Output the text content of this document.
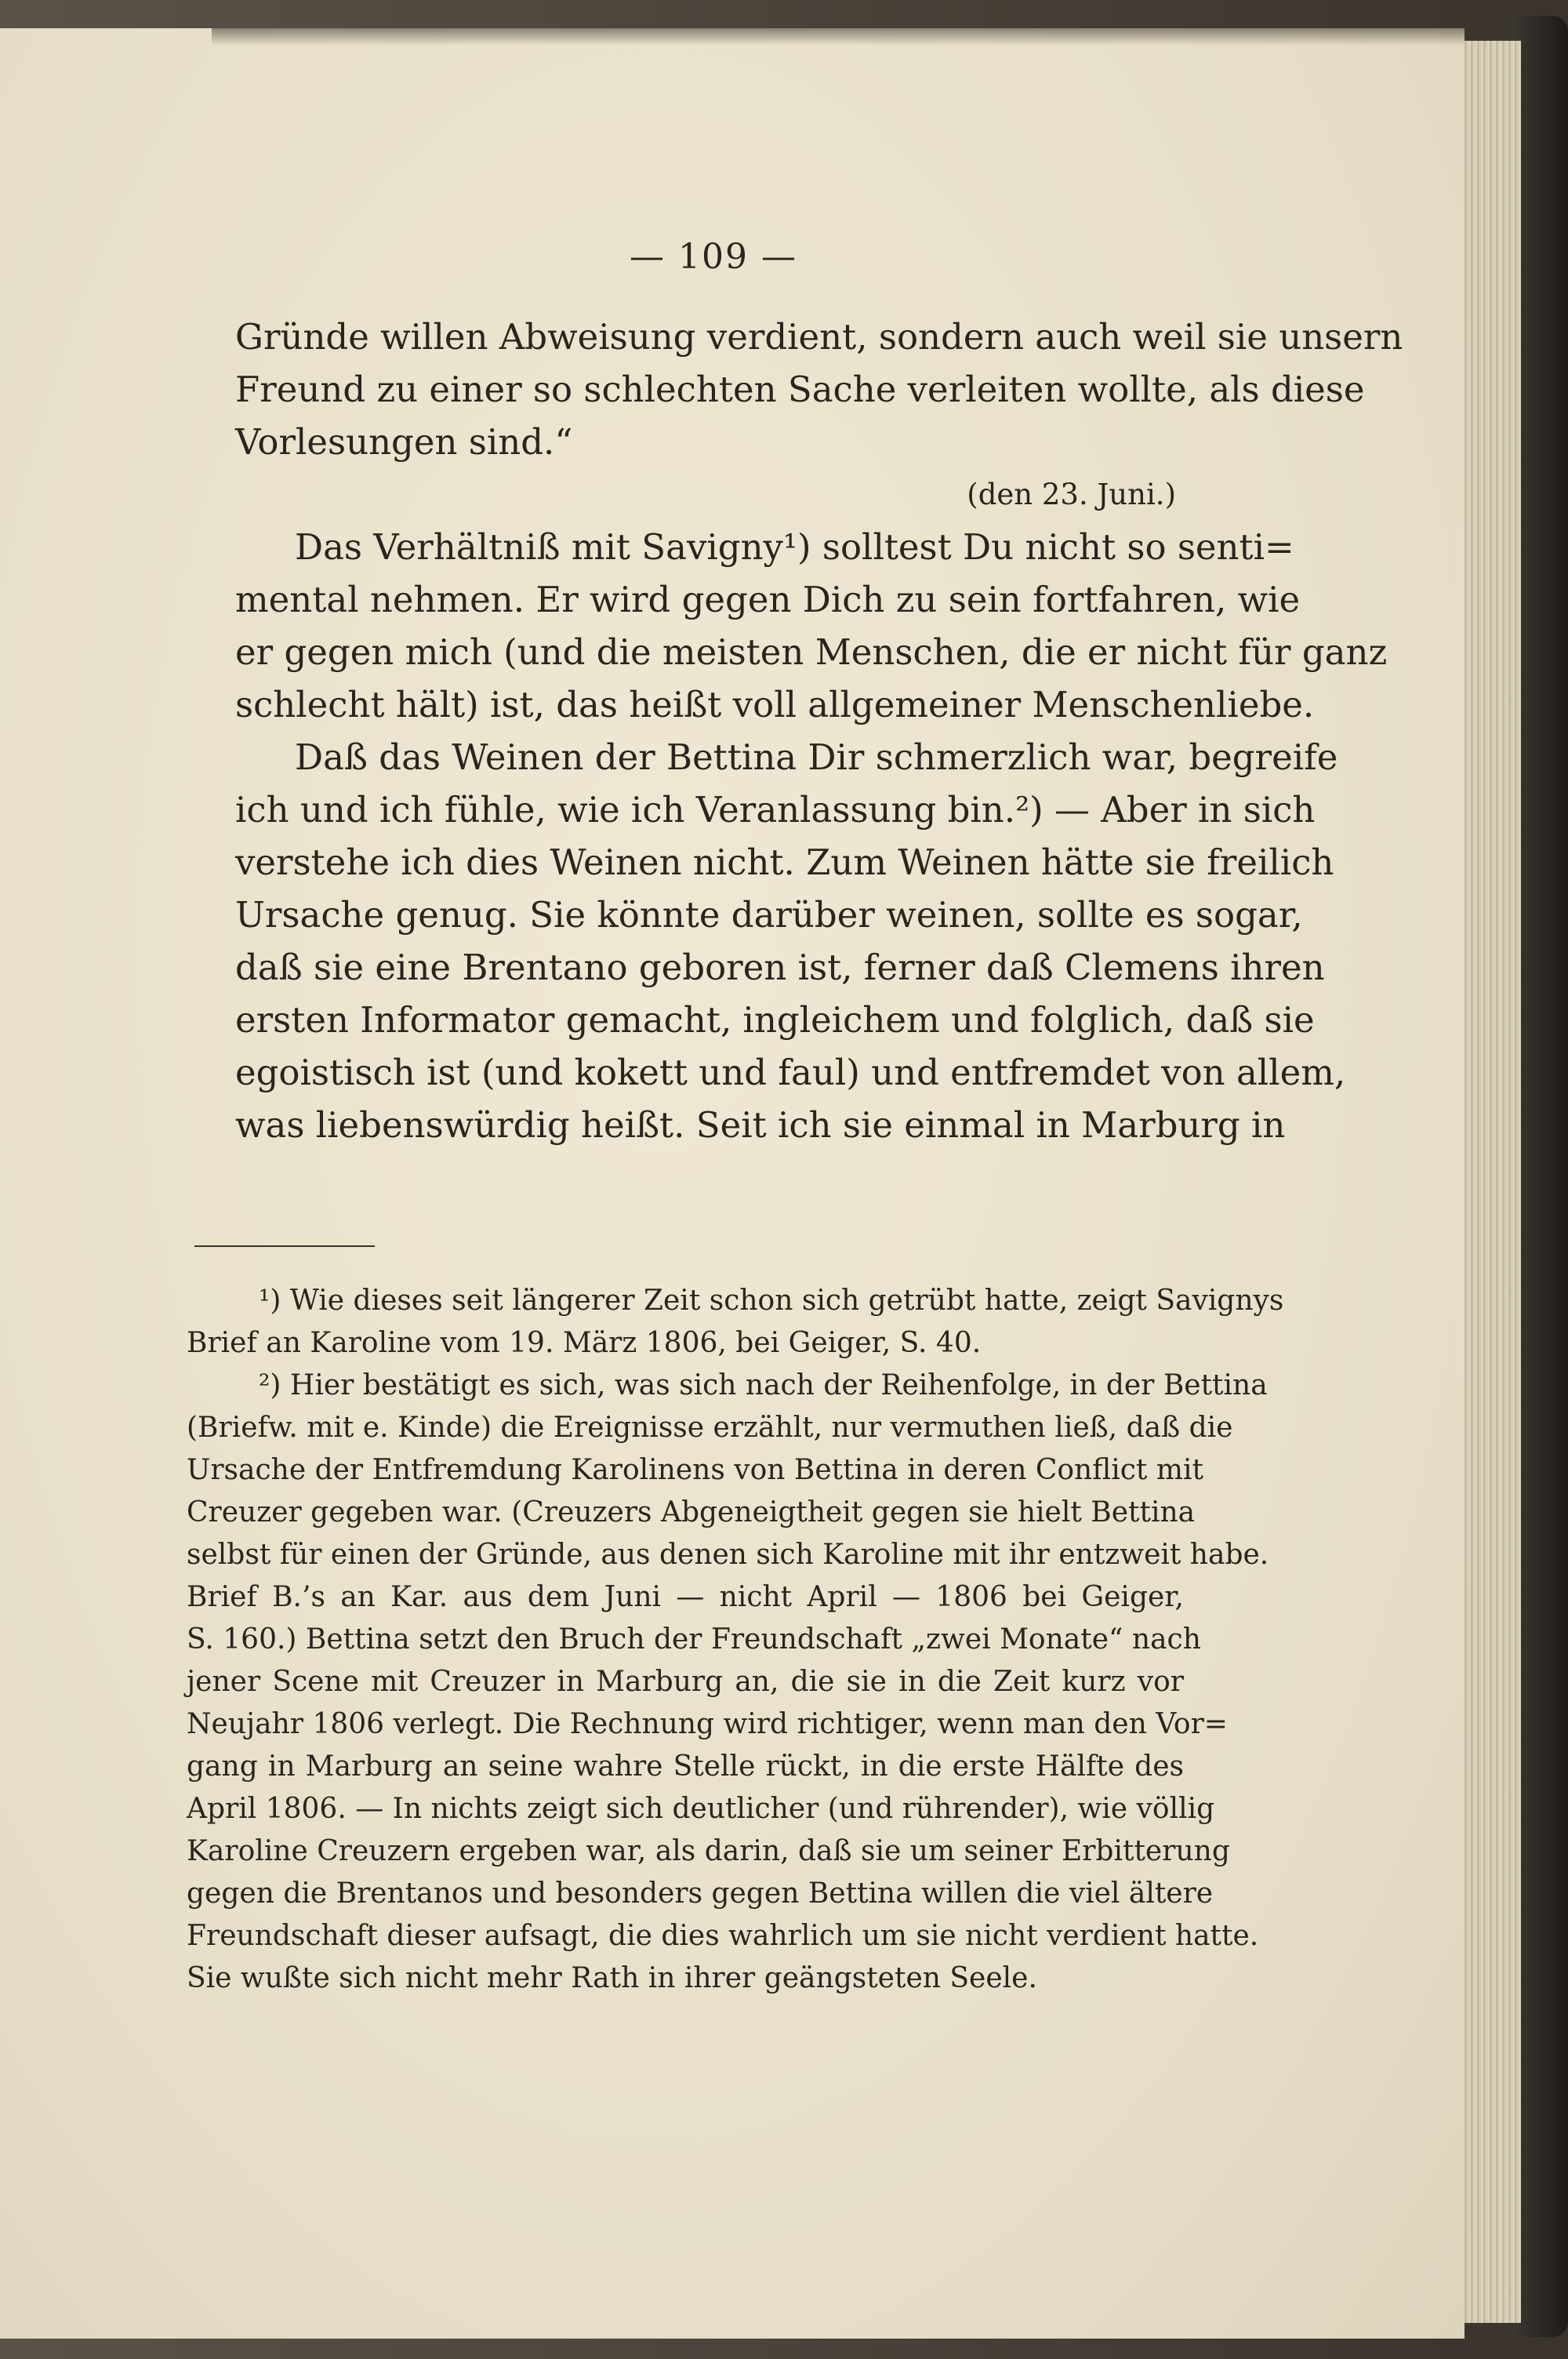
— 109 —
Gründe willen Abweisung verdient, sondern auch weil sie unsern
Freund zu einer so schlechten Sache verleiten wollte, als diese
Vorlesungen sind.“
(den 23. Juni.)
Das Verhältniß mit Savigny¹) solltest Du nicht so senti=
mental nehmen. Er wird gegen Dich zu sein fortfahren, wie
er gegen mich (und die meisten Menschen, die er nicht für ganz
schlecht hält) ist, das heißt voll allgemeiner Menschenliebe.
Daß das Weinen der Bettina Dir schmerzlich war, begreife
ich und ich fühle, wie ich Veranlassung bin.²) — Aber in sich
verstehe ich dies Weinen nicht. Zum Weinen hätte sie freilich
Ursache genug. Sie könnte darüber weinen, sollte es sogar,
daß sie eine Brentano geboren ist, ferner daß Clemens ihren
ersten Informator gemacht, ingleichem und folglich, daß sie
egoistisch ist (und kokett und faul) und entfremdet von allem,
was liebenswürdig heißt. Seit ich sie einmal in Marburg in
¹) Wie dieses seit längerer Zeit schon sich getrübt hatte, zeigt Savignys
Brief an Karoline vom 19. März 1806, bei Geiger, S. 40.
²) Hier bestätigt es sich, was sich nach der Reihenfolge, in der Bettina
(Briefw. mit e. Kinde) die Ereignisse erzählt, nur vermuthen ließ, daß die
Ursache der Entfremdung Karolinens von Bettina in deren Conflict mit
Creuzer gegeben war. (Creuzers Abgeneigtheit gegen sie hielt Bettina
selbst für einen der Gründe, aus denen sich Karoline mit ihr entzweit habe.
Brief B.’s an Kar. aus dem Juni — nicht April — 1806 bei Geiger,
S. 160.) Bettina setzt den Bruch der Freundschaft „zwei Monate“ nach
jener Scene mit Creuzer in Marburg an, die sie in die Zeit kurz vor
Neujahr 1806 verlegt. Die Rechnung wird richtiger, wenn man den Vor=
gang in Marburg an seine wahre Stelle rückt, in die erste Hälfte des
April 1806. — In nichts zeigt sich deutlicher (und rührender), wie völlig
Karoline Creuzern ergeben war, als darin, daß sie um seiner Erbitterung
gegen die Brentanos und besonders gegen Bettina willen die viel ältere
Freundschaft dieser aufsagt, die dies wahrlich um sie nicht verdient hatte.
Sie wußte sich nicht mehr Rath in ihrer geängsteten Seele.
